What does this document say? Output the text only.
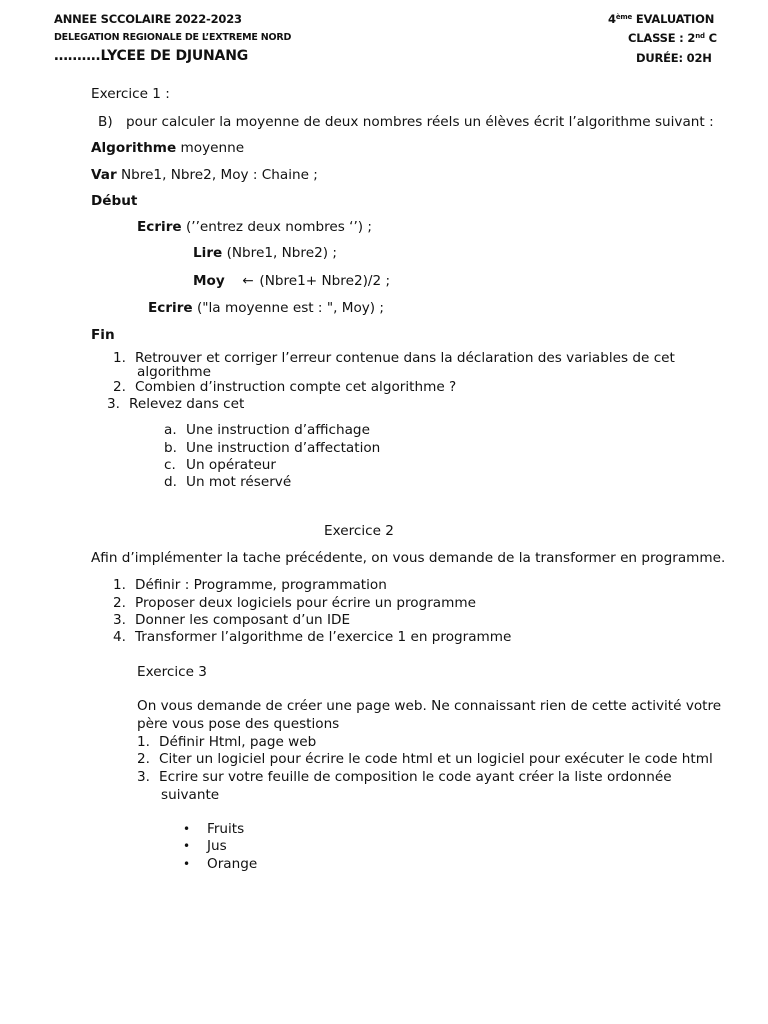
ANNEE SCCOLAIRE 2022-2023
DELEGATION REGIONALE DE L’EXTREME NORD
……….LYCEE DE DJUNANG
4ème EVALUATION
CLASSE : 2nd C
DURÉE: 02H
Exercice 1 :
B) pour calculer la moyenne de deux nombres réels un élèves écrit l’algorithme suivant :
Algorithme moyenne
Var Nbre1, Nbre2, Moy : Chaine ;
Début
Ecrire (’’entrez deux nombres ‘’) ;
Lire (Nbre1, Nbre2) ;
Moy ← (Nbre1+ Nbre2)/2 ;
Ecrire ("la moyenne est : ", Moy) ;
Fin
1. Retrouver et corriger l’erreur contenue dans la déclaration des variables de cet
algorithme
2. Combien d’instruction compte cet algorithme ?
3. Relevez dans cet
a. Une instruction d’affichage
b. Une instruction d’affectation
c. Un opérateur
d. Un mot réservé
Exercice 2
Afin d’implémenter la tache précédente, on vous demande de la transformer en programme.
1. Définir : Programme, programmation
2. Proposer deux logiciels pour écrire un programme
3. Donner les composant d’un IDE
4. Transformer l’algorithme de l’exercice 1 en programme
Exercice 3
On vous demande de créer une page web. Ne connaissant rien de cette activité votre
père vous pose des questions
1. Définir Html, page web
2. Citer un logiciel pour écrire le code html et un logiciel pour exécuter le code html
3. Ecrire sur votre feuille de composition le code ayant créer la liste ordonnée
suivante
• Fruits
• Jus
• Orange
